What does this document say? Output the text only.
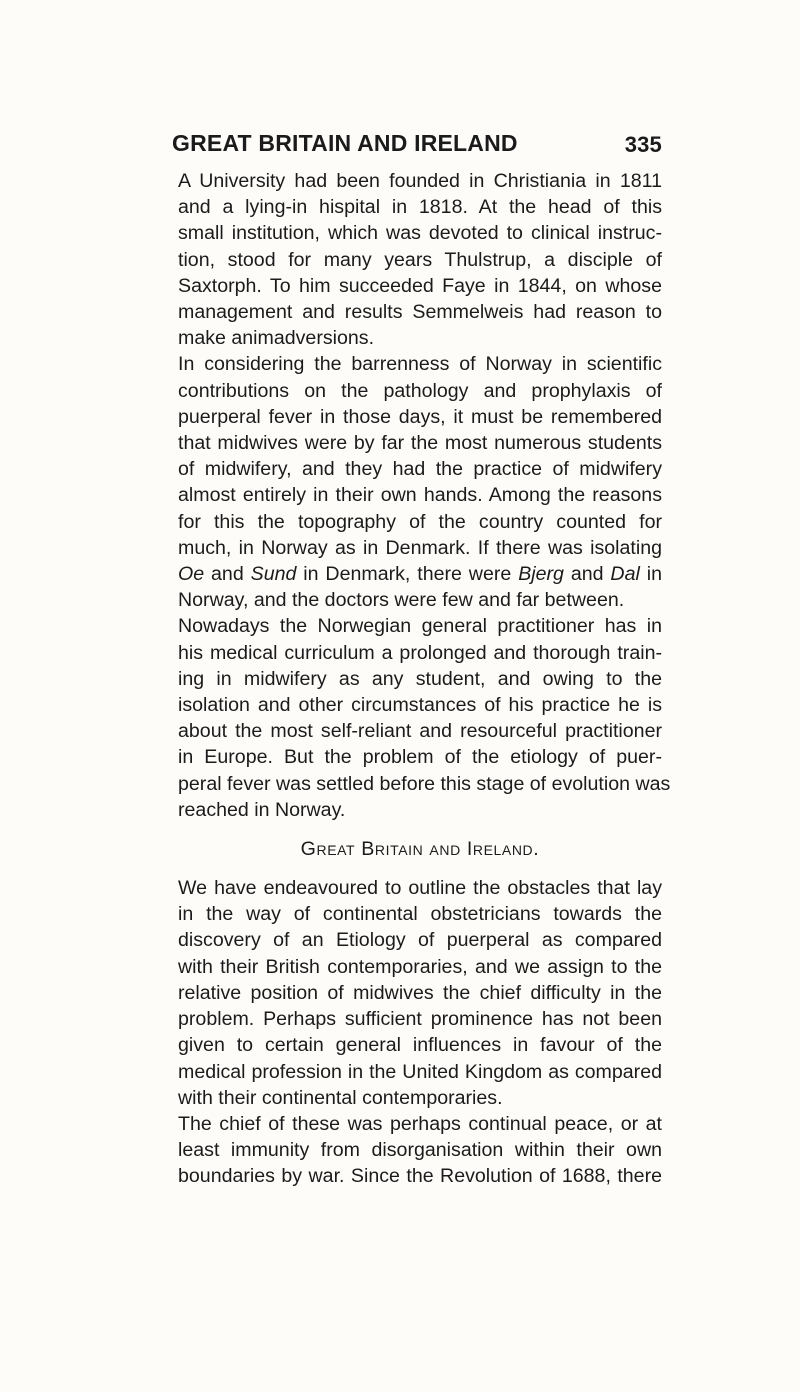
GREAT BRITAIN AND IRELAND	335

A University had been founded in Christiania in 1811
and a lying-in hispital in 1818. At the head of this
small institution, which was devoted to clinical instruc-
tion, stood for many years Thulstrup, a disciple of
Saxtorph. To him succeeded Faye in 1844, on whose
management and results Semmelweis had reason to
make animadversions.

In considering the barrenness of Norway in scientific
contributions on the pathology and prophylaxis of
puerperal fever in those days, it must be remembered
that midwives were by far the most numerous students
of midwifery, and they had the practice of midwifery
almost entirely in their own hands. Among the reasons
for this the topography of the country counted for
much, in Norway as in Denmark. If there was isolating
Oe and Sund in Denmark, there were Bjerg and Dal in
Norway, and the doctors were few and far between.

Nowadays the Norwegian general practitioner has in
his medical curriculum a prolonged and thorough train-
ing in midwifery as any student, and owing to the
isolation and other circumstances of his practice he is
about the most self-reliant and resourceful practitioner
in Europe. But the problem of the etiology of puer-
peral fever was settled before this stage of evolution was
reached in Norway.

Great Britain and Ireland.

We have endeavoured to outline the obstacles that lay
in the way of continental obstetricians towards the
discovery of an Etiology of puerperal as compared
with their British contemporaries, and we assign to the
relative position of midwives the chief difficulty in the
problem. Perhaps sufficient prominence has not been
given to certain general influences in favour of the
medical profession in the United Kingdom as compared
with their continental contemporaries.

The chief of these was perhaps continual peace, or at
least immunity from disorganisation within their own
boundaries by war. Since the Revolution of 1688, there
